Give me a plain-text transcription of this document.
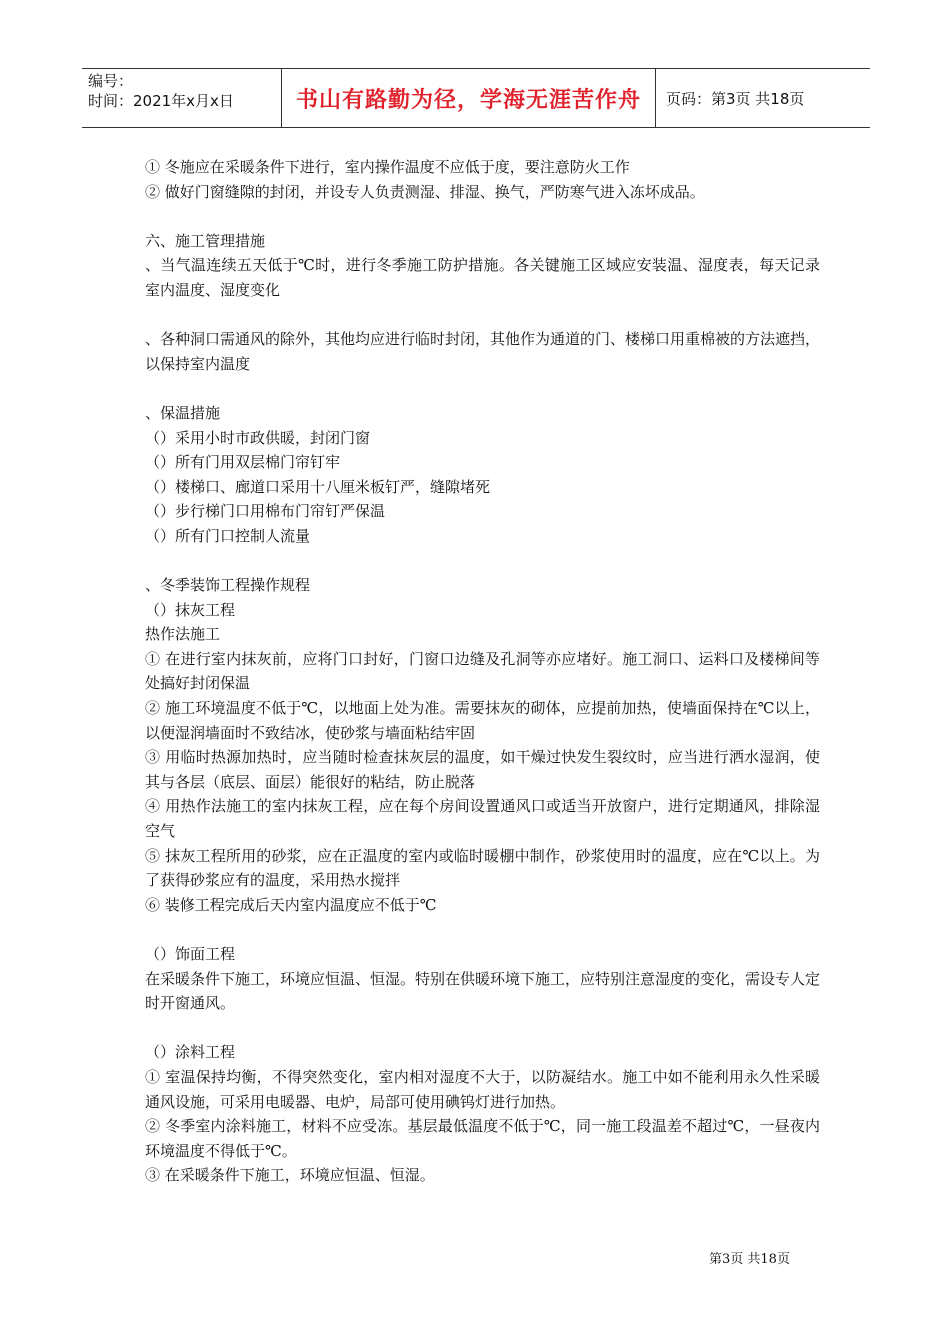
编号：
时间：2021年x月x日	书山有路勤为径，学海无涯苦作舟 页码：第3页 共18页

① 冬施应在采暖条件下进行，室内操作温度不应低于度，要注意防火工作

② 做好门窗缝隙的封闭，并设专人负责测湿、排湿、换气，严防寒气进入冻坏成品。

六、施工管理措施

、当气温连续五天低于℃时，进行冬季施工防护措施。各关键施工区域应安装温、湿度表，每天记录室内温度、湿度变化

、各种洞口需通风的除外，其他均应进行临时封闭，其他作为通道的门、楼梯口用重棉被的方法遮挡，以保持室内温度

、保温措施

（）采用小时市政供暖，封闭门窗

（）所有门用双层棉门帘钉牢

（）楼梯口、廊道口采用十八厘米板钉严，缝隙堵死

（）步行梯门口用棉布门帘钉严保温

（）所有门口控制人流量

、冬季装饰工程操作规程

（）抹灰工程

热作法施工

① 在进行室内抹灰前，应将门口封好，门窗口边缝及孔洞等亦应堵好。施工洞口、运料口及楼梯间等处搞好封闭保温

② 施工环境温度不低于℃，以地面上处为准。需要抹灰的砌体，应提前加热，使墙面保持在℃以上，以便湿润墙面时不致结冰，使砂浆与墙面粘结牢固

③ 用临时热源加热时，应当随时检查抹灰层的温度，如干燥过快发生裂纹时，应当进行洒水湿润，使其与各层（底层、面层）能很好的粘结，防止脱落

④ 用热作法施工的室内抹灰工程，应在每个房间设置通风口或适当开放窗户，进行定期通风，排除湿空气

⑤ 抹灰工程所用的砂浆，应在正温度的室内或临时暖棚中制作，砂浆使用时的温度，应在℃以上。为了获得砂浆应有的温度，采用热水搅拌

⑥ 装修工程完成后天内室内温度应不低于℃

（）饰面工程

在采暖条件下施工，环境应恒温、恒湿。特别在供暖环境下施工，应特别注意湿度的变化，需设专人定时开窗通风。

（）涂料工程

① 室温保持均衡，不得突然变化，室内相对湿度不大于，以防凝结水。施工中如不能利用永久性采暖通风设施，可采用电暖器、电炉，局部可使用碘钨灯进行加热。

② 冬季室内涂料施工，材料不应受冻。基层最低温度不低于℃，同一施工段温差不超过℃，一昼夜内环境温度不得低于℃。

③ 在采暖条件下施工，环境应恒温、恒湿。

第3页 共18页
